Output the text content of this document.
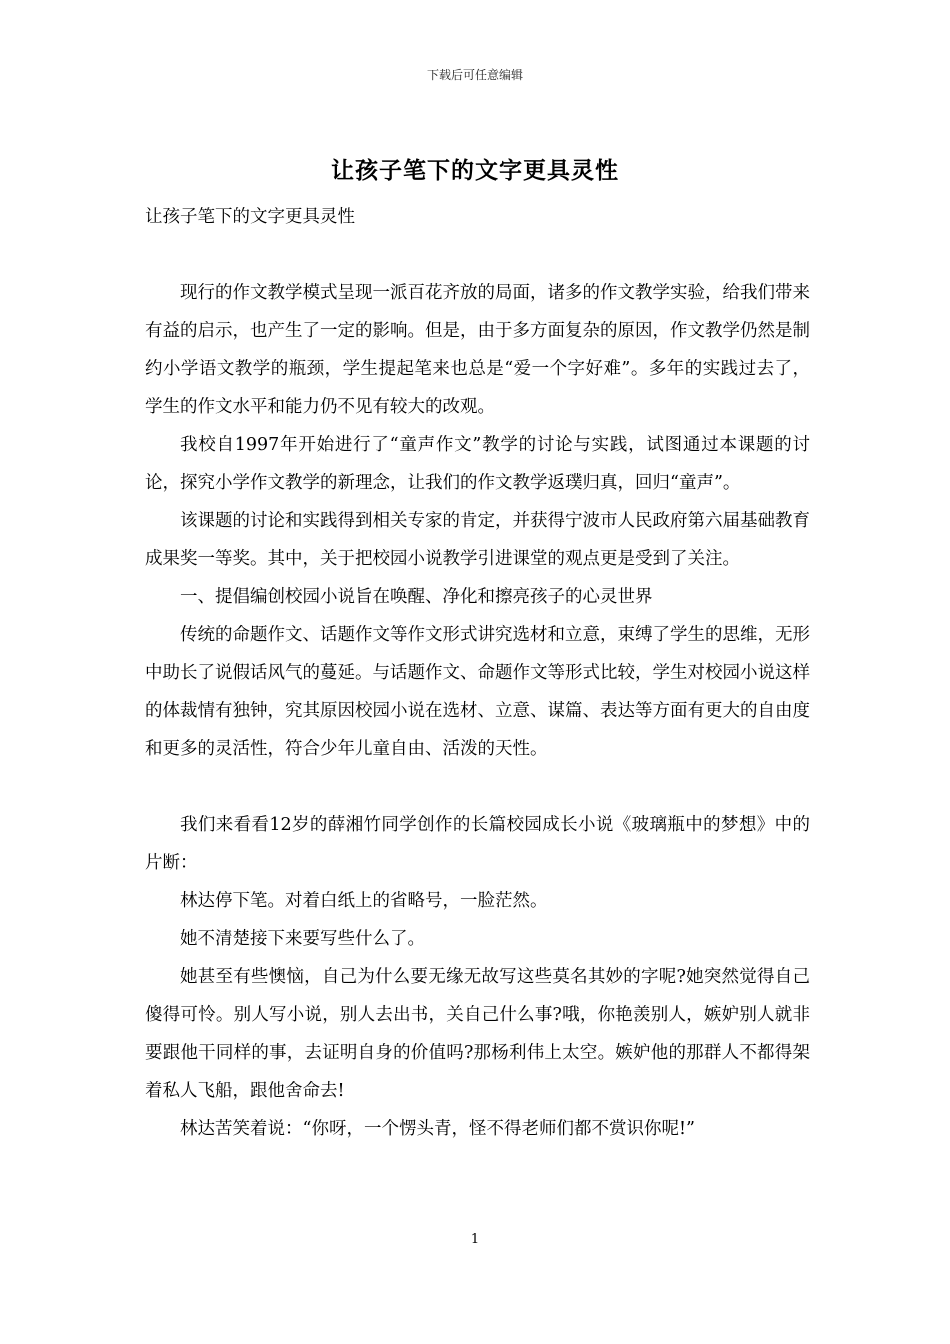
下载后可任意编辑
让孩子笔下的文字更具灵性

让孩子笔下的文字更具灵性

现行的作文教学模式呈现一派百花齐放的局面，诸多的作文教学实验，给我们带来有益的启示，也产生了一定的影响。但是，由于多方面复杂的原因，作文教学仍然是制约小学语文教学的瓶颈，学生提起笔来也总是“爱一个字好难”。多年的实践过去了，学生的作文水平和能力仍不见有较大的改观。

我校自1997年开始进行了“童声作文”教学的讨论与实践，试图通过本课题的讨论，探究小学作文教学的新理念，让我们的作文教学返璞归真，回归“童声”。

该课题的讨论和实践得到相关专家的肯定，并获得宁波市人民政府第六届基础教育成果奖一等奖。其中，关于把校园小说教学引进课堂的观点更是受到了关注。

一、提倡编创校园小说旨在唤醒、净化和擦亮孩子的心灵世界

传统的命题作文、话题作文等作文形式讲究选材和立意，束缚了学生的思维，无形中助长了说假话风气的蔓延。与话题作文、命题作文等形式比较，学生对校园小说这样的体裁情有独钟，究其原因校园小说在选材、立意、谋篇、表达等方面有更大的自由度和更多的灵活性，符合少年儿童自由、活泼的天性。

我们来看看12岁的薛湘竹同学创作的长篇校园成长小说《玻璃瓶中的梦想》中的片断：

林达停下笔。对着白纸上的省略号，一脸茫然。

她不清楚接下来要写些什么了。

她甚至有些懊恼，自己为什么要无缘无故写这些莫名其妙的字呢?她突然觉得自己傻得可怜。别人写小说，别人去出书，关自己什么事?哦，你艳羡别人，嫉妒别人就非要跟他干同样的事，去证明自身的价值吗?那杨利伟上太空。嫉妒他的那群人不都得架着私人飞船，跟他舍命去!

林达苦笑着说：“你呀，一个愣头青，怪不得老师们都不赏识你呢!”

1
